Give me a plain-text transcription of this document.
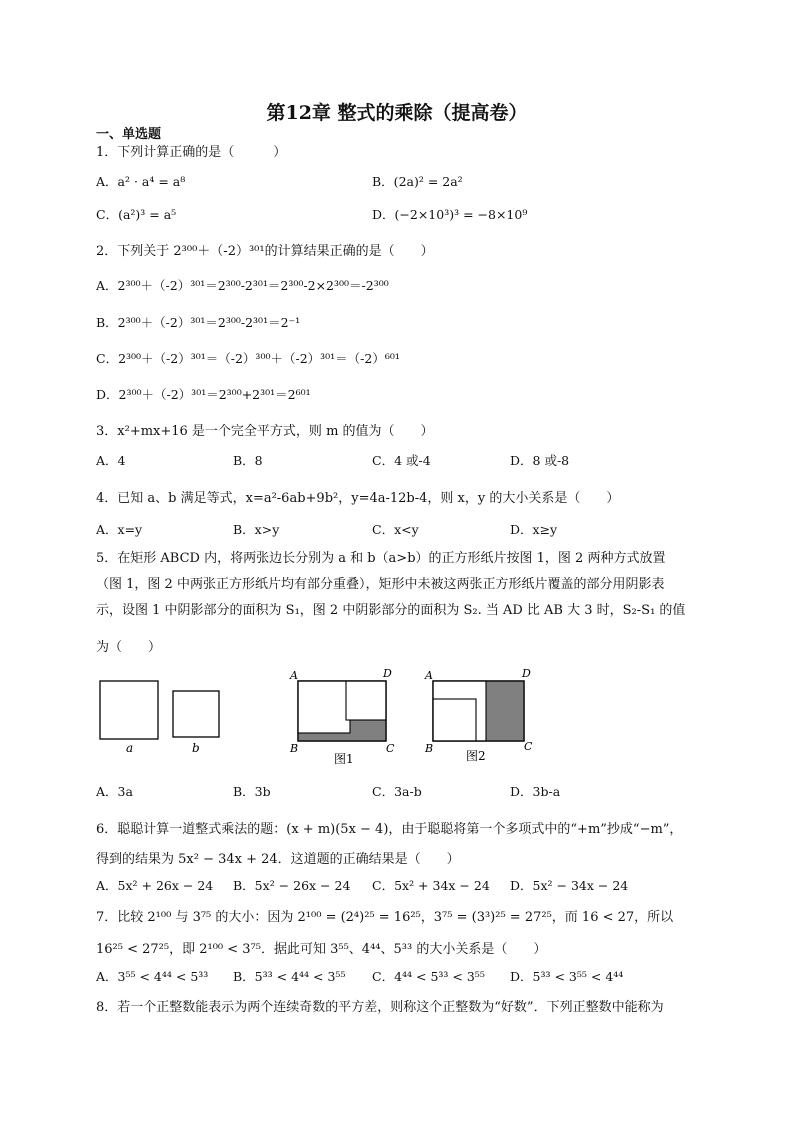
第12章 整式的乘除（提高卷）
一、单选题
1．下列计算正确的是（　　　）
A．a² · a⁴ = a⁸	B．(2a)² = 2a²
C．(a²)³ = a⁵	D．(−2×10³)³ = −8×10⁹
2．下列关于 2³⁰⁰＋（-2）³⁰¹的计算结果正确的是（　　）
A．2³⁰⁰＋（-2）³⁰¹＝2³⁰⁰-2³⁰¹＝2³⁰⁰-2×2³⁰⁰＝-2³⁰⁰
B．2³⁰⁰＋（-2）³⁰¹＝2³⁰⁰-2³⁰¹＝2⁻¹
C．2³⁰⁰＋（-2）³⁰¹＝（-2）³⁰⁰＋（-2）³⁰¹＝（-2）⁶⁰¹
D．2³⁰⁰＋（-2）³⁰¹＝2³⁰⁰+2³⁰¹＝2⁶⁰¹
3．x²+mx+16 是一个完全平方式，则 m 的值为（　　）
A．4	B．8	C．4 或-4	D．8 或-8
4．已知 a、b 满足等式，x=a²-6ab+9b²，y=4a-12b-4，则 x，y 的大小关系是（　　）
A．x=y	B．x>y	C．x<y	D．x≥y
5．在矩形 ABCD 内，将两张边长分别为 a 和 b（a>b）的正方形纸片按图 1，图 2 两种方式放置
（图 1，图 2 中两张正方形纸片均有部分重叠），矩形中未被这两张正方形纸片覆盖的部分用阴影表
示，设图 1 中阴影部分的面积为 S₁，图 2 中阴影部分的面积为 S₂. 当 AD 比 AB 大 3 时，S₂-S₁ 的值
为（　　）
a	b
A	D
B	C
图1
A	D
B	C
图2
A．3a	B．3b	C．3a-b	D．3b-a
6．聪聪计算一道整式乘法的题：(x + m)(5x − 4)，由于聪聪将第一个多项式中的“+m”抄成“−m”，
得到的结果为 5x² − 34x + 24．这道题的正确结果是（　　）
A．5x² + 26x − 24 B．5x² − 26x − 24 C．5x² + 34x − 24 D．5x² − 34x − 24
7．比较 2¹⁰⁰ 与 3⁷⁵ 的大小：因为 2¹⁰⁰ = (2⁴)²⁵ = 16²⁵，3⁷⁵ = (3³)²⁵ = 27²⁵，而 16 < 27，所以
16²⁵ < 27²⁵，即 2¹⁰⁰ < 3⁷⁵．据此可知 3⁵⁵、4⁴⁴、5³³ 的大小关系是（　　）
A．3⁵⁵ < 4⁴⁴ < 5³³ B．5³³ < 4⁴⁴ < 3⁵⁵ C．4⁴⁴ < 5³³ < 3⁵⁵ D．5³³ < 3⁵⁵ < 4⁴⁴
8．若一个正整数能表示为两个连续奇数的平方差，则称这个正整数为“好数”．下列正整数中能称为
